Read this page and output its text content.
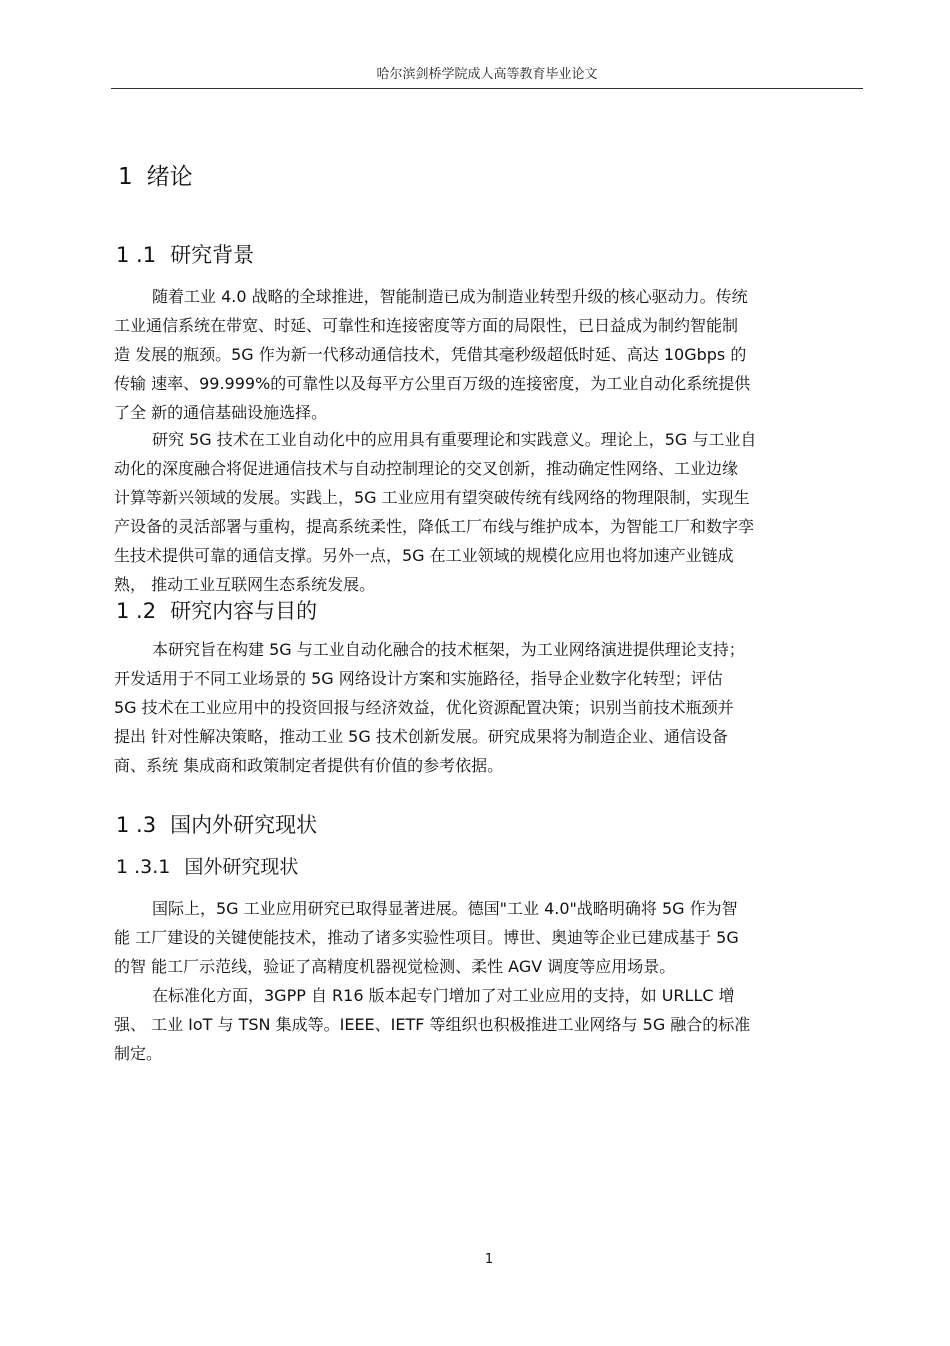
哈尔滨剑桥学院成人高等教育毕业论文
1 绪论
1 .1 研究背景

随着工业 4.0 战略的全球推进，智能制造已成为制造业转型升级的核心驱动力。传统
工业通信系统在带宽、时延、可靠性和连接密度等方面的局限性，已日益成为制约智能制
造 发展的瓶颈。5G 作为新一代移动通信技术，凭借其毫秒级超低时延、高达 10Gbps 的
传输 速率、99.999%的可靠性以及每平方公里百万级的连接密度，为工业自动化系统提供
了全 新的通信基础设施选择。

研究 5G 技术在工业自动化中的应用具有重要理论和实践意义。理论上，5G 与工业自
动化的深度融合将促进通信技术与自动控制理论的交叉创新，推动确定性网络、工业边缘
计算等新兴领域的发展。实践上，5G 工业应用有望突破传统有线网络的物理限制，实现生
产设备的灵活部署与重构，提高系统柔性，降低工厂布线与维护成本，为智能工厂和数字孪
生技术提供可靠的通信支撑。另外一点，5G 在工业领域的规模化应用也将加速产业链成
熟， 推动工业互联网生态系统发展。

1 .2 研究内容与目的

本研究旨在构建 5G 与工业自动化融合的技术框架，为工业网络演进提供理论支持；
开发适用于不同工业场景的 5G 网络设计方案和实施路径，指导企业数字化转型；评估
5G 技术在工业应用中的投资回报与经济效益，优化资源配置决策；识别当前技术瓶颈并
提出 针对性解决策略，推动工业 5G 技术创新发展。研究成果将为制造企业、通信设备
商、系统 集成商和政策制定者提供有价值的参考依据。

1 .3 国内外研究现状
1 .3.1 国外研究现状

国际上，5G 工业应用研究已取得显著进展。德国"工业 4.0"战略明确将 5G 作为智
能 工厂建设的关键使能技术，推动了诸多实验性项目。博世、奥迪等企业已建成基于 5G
的智 能工厂示范线，验证了高精度机器视觉检测、柔性 AGV 调度等应用场景。

在标准化方面，3GPP 自 R16 版本起专门增加了对工业应用的支持，如 URLLC 增
强、 工业 IoT 与 TSN 集成等。IEEE、IETF 等组织也积极推进工业网络与 5G 融合的标准
制定。

1
